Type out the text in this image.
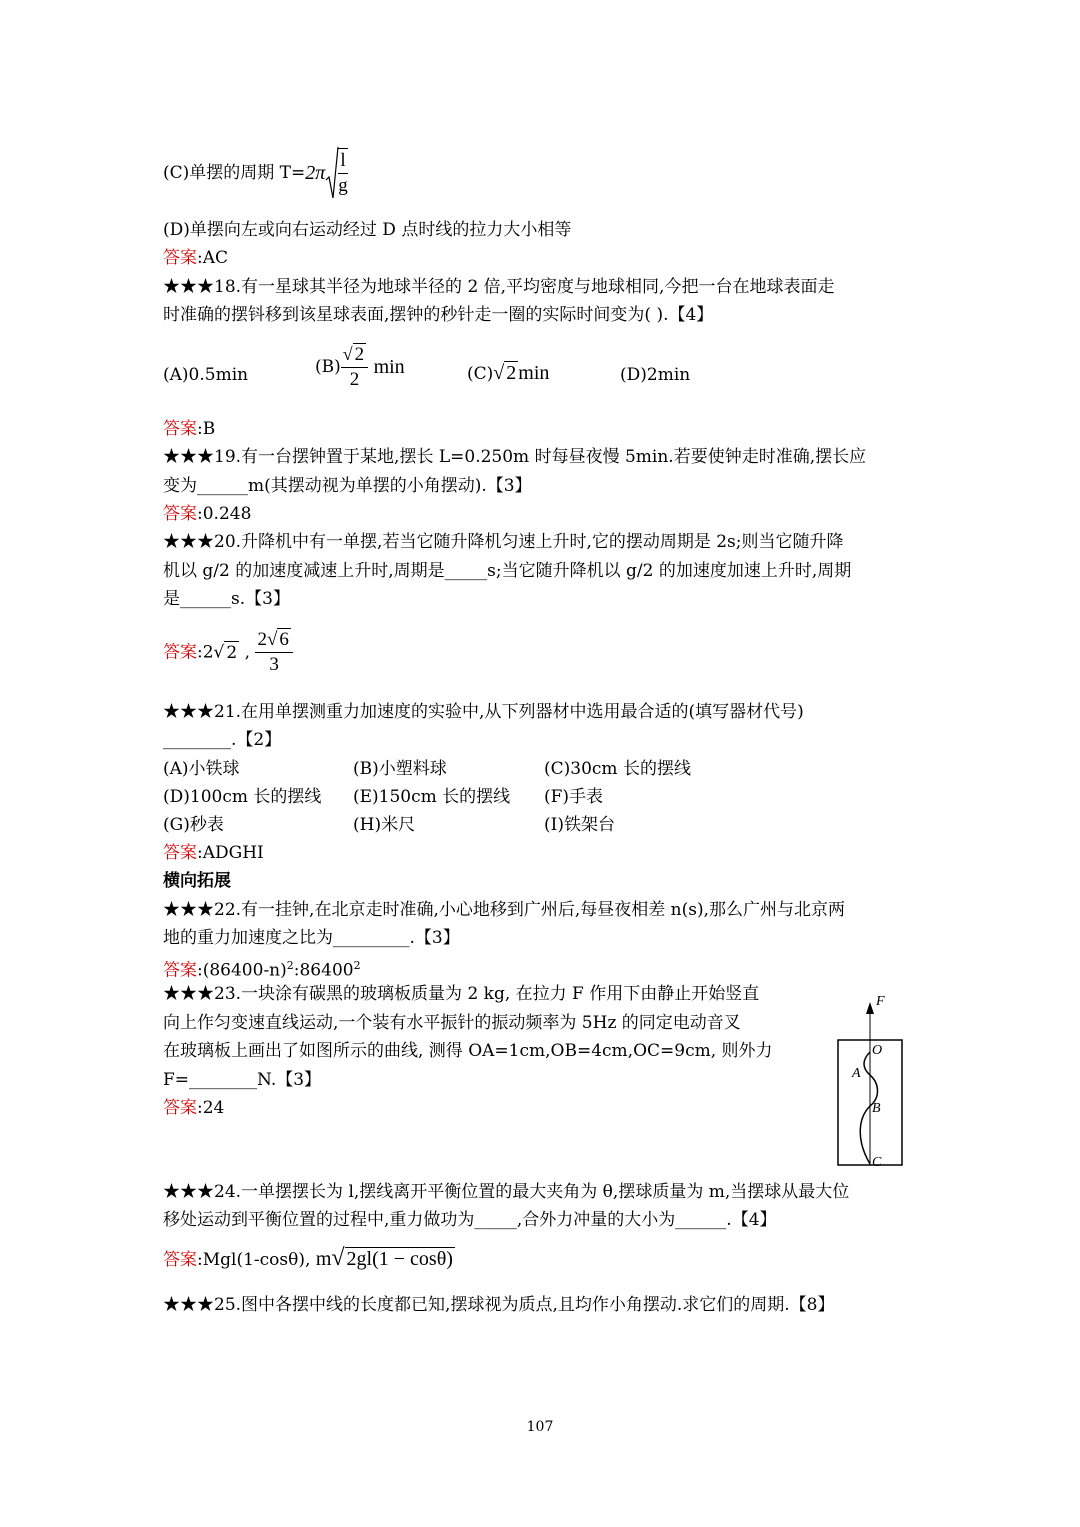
(C)单摆的周期 $T=2\pi \frac{l}{g}$
(D)单摆向左或向右运动经过 D 点时线的拉力大小相等
答案:AC
★★★18.有一星球其半径为地球半径的 2 倍,平均密度与地球相同,今把一台在地球表面走
时准确的摆钭移到该星球表面,摆钟的秒针走一圈的实际时间变为( ).【4】
(A)0.5min	$(B) \frac{√ 2}{2}$ min	(C)√ 2 min	(D)2min
答案:B
★★★19.有一台摆钟置于某地,摆长 L=0.250m 时每昼夜慢 5min.若要使钟走时准确,摆长应
变为______m(其摆动视为单摆的小角摆动).【3】
答案:0.248
★★★20.升降机中有一单摆,若当它随升降机匀速上升时,它的摆动周期是 2s;则当它随升降
机以 g/2 的加速度减速上升时,周期是_____s;当它随升降机以 g/2 的加速度加速上升时,周期
是______s.【3】
答案:2√ 2 , $\frac{2√ 6}{3}$
★★★21.在用单摆测重力加速度的实验中,从下列器材中选用最合适的(填写器材代号)
________.【2】
(A)小铁球	(B)小塑料球	(C)30cm 长的摆线
(D)100cm 长的摆线 (E)150cm 长的摆线 (F)手表
(G)秒表	(H)米尺	(I)铁架台
答案:ADGHI
横向拓展
★★★22.有一挂钟,在北京走时准确,小心地移到广州后,每昼夜相差 n(s),那么广州与北京两
地的重力加速度之比为_________.【3】
答案$:(86400-n)^2:86400^2$
★★★23.一块涂有碳黑的玻璃板质量为 2 kg, 在拉力 F 作用下由静止开始竖直
向上作匀变速直线运动,一个装有水平振针的振动频率为 5Hz 的同定电动音叉
在玻璃板上画出了如图所示的曲线, 测得 OA=1cm,OB=4cm,OC=9cm, 则外力
F=________N.【3】
答案:24
F
O
A
B
C
★★★24.一单摆摆长为 l,摆线离开平衡位置的最大夹角为 θ,摆球质量为 m,当摆球从最大位
移处运动到平衡位置的过程中,重力做功为_____,合外力冲量的大小为______.【4】
答案:Mgl(1-cosθ), m√ 2gl(1 − cosθ)
★★★25.图中各摆中线的长度都已知,摆球视为质点,且均作小角摆动.求它们的周期.【8】
107
